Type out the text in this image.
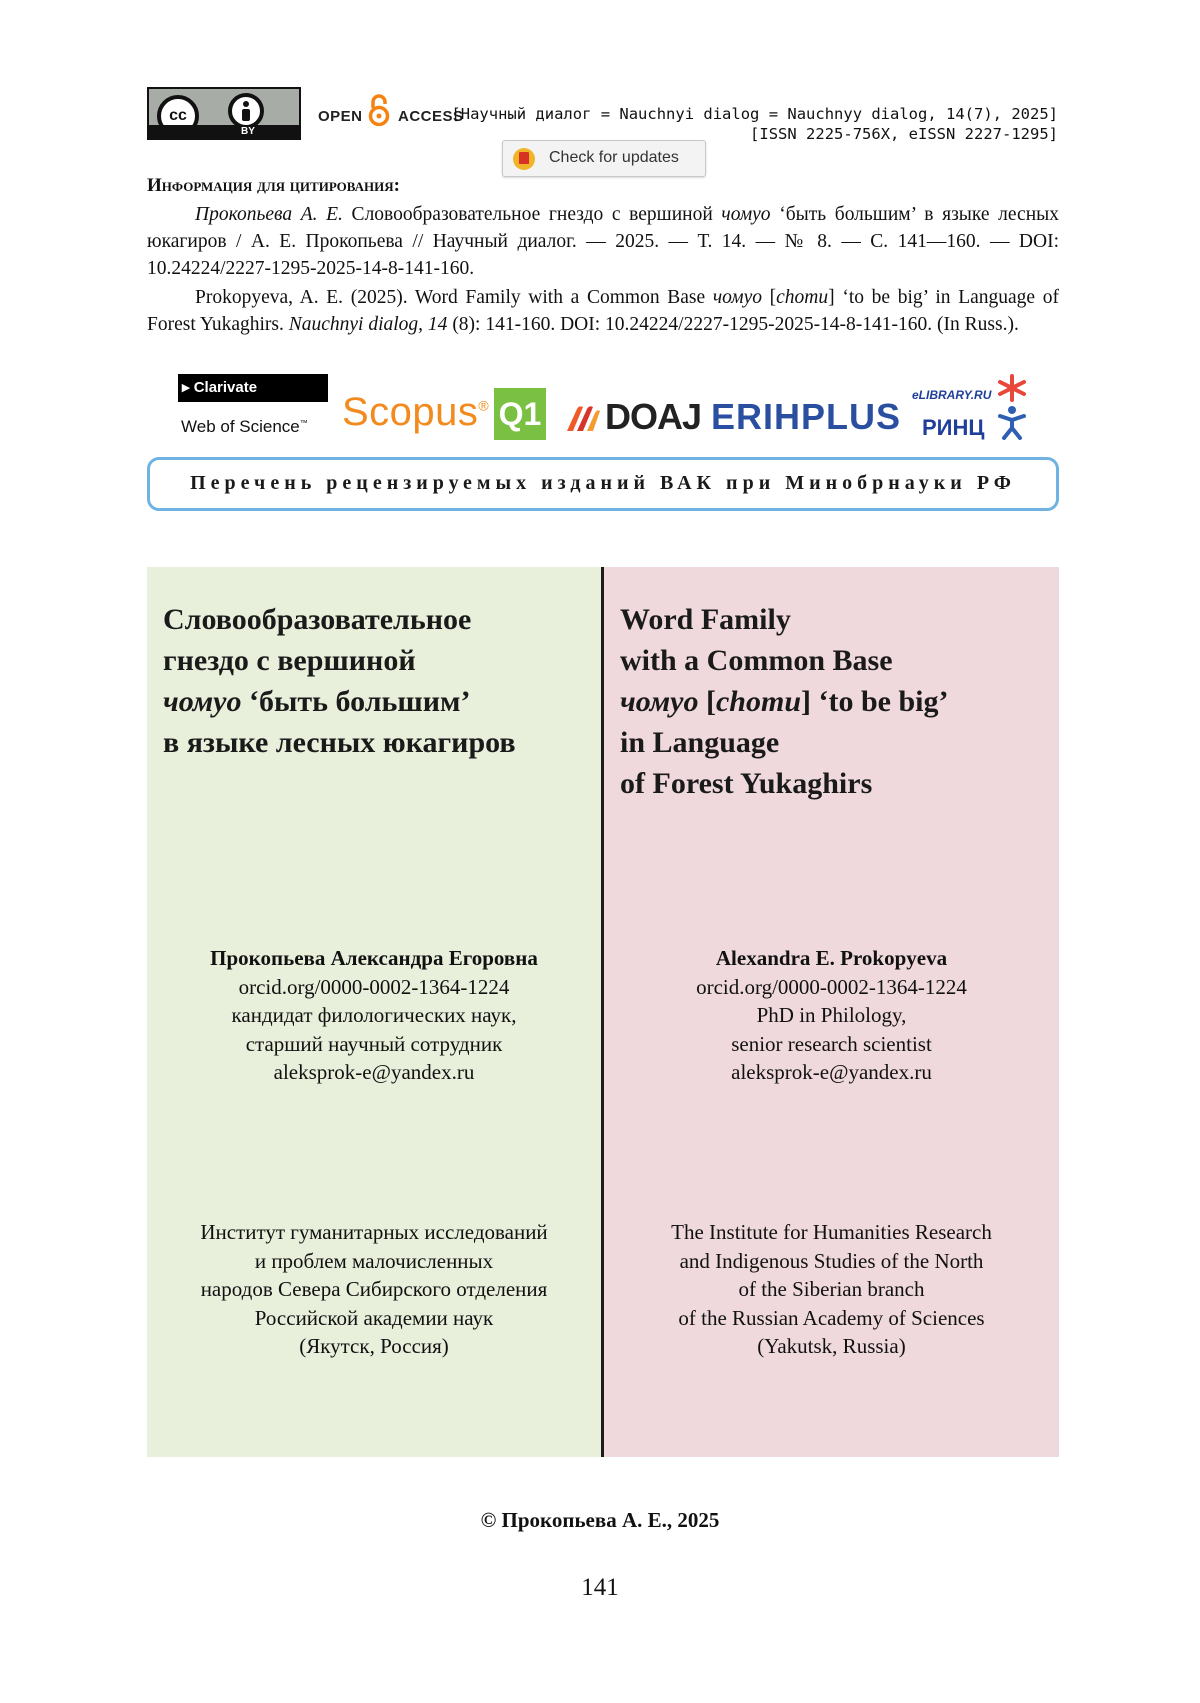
cc
BY
OPEN ACCESS
[Научный диалог = Nauchnyi dialog = Nauchnyy dialog, 14(7), 2025]
[ISSN 2225-756X, eISSN 2227-1295]
Check for updates
Информация для цитирования:
Прокопьева А. Е. Словообразовательное гнездо с вершиной чомуо ‘быть большим’ в языке лесных юкагиров / А. Е. Прокопьева // Научный диалог. — 2025. — Т. 14. — № 8. — С. 141—160. — DOI: 10.24224/2227-1295-2025-14-8-141-160.
Prokopyeva, A. E. (2025). Word Family with a Common Base чомуо [chomu] ‘to be big’ in Language of Forest Yukaghirs. Nauchnyi dialog, 14 (8): 141-160. DOI: 10.24224/2227-1295-2025-14-8-141-160. (In Russ.).
▸ Clarivate
Web of Science™ Scopus® Q1 DOAJ ERIHPLUS
eLIBRARY.RU
РИНЦ
Перечень рецензируемых изданий ВАК при Минобрнауки РФ
Словообразовательное
гнездо с вершиной
чомуо ‘быть большим’
в языке лесных юкагиров
Word Family
with a Common Base
чомуо [chomu] ‘to be big’
in Language
of Forest Yukaghirs
Прокопьева Александра Егоровна
orcid.org/0000-0002-1364-1224
кандидат филологических наук,
старший научный сотрудник
aleksprok-e@yandex.ru
Alexandra E. Prokopyeva
orcid.org/0000-0002-1364-1224
PhD in Philology,
senior research scientist
aleksprok-e@yandex.ru
Институт гуманитарных исследований
и проблем малочисленных
народов Севера Сибирского отделения
Российской академии наук
(Якутск, Россия)
The Institute for Humanities Research
and Indigenous Studies of the North
of the Siberian branch
of the Russian Academy of Sciences
(Yakutsk, Russia)
© Прокопьева А. Е., 2025
141
